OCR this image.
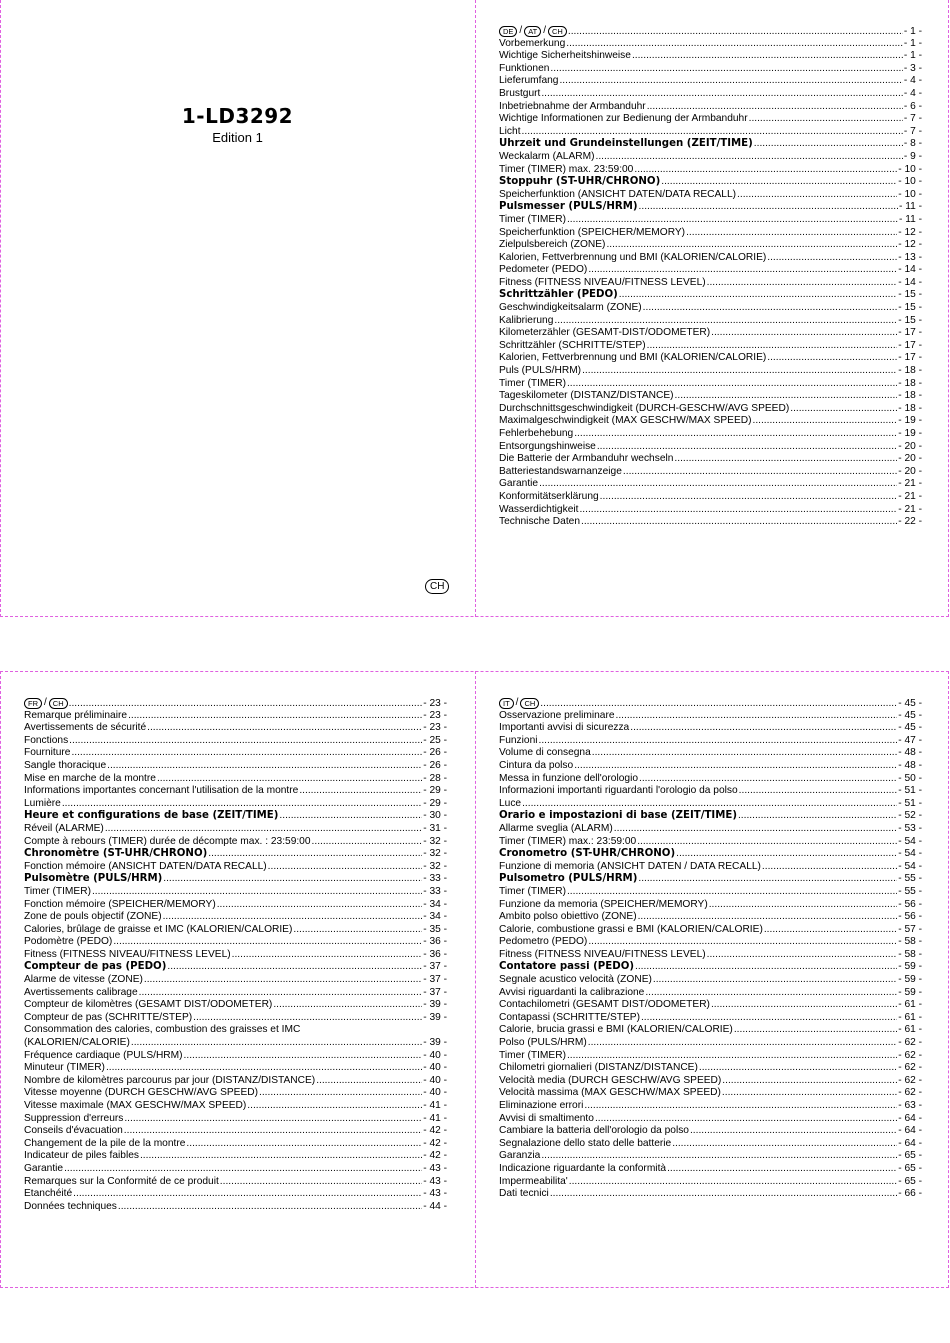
1-LD3292
Edition 1
CH
DE / AT / CH .....	- 1 -
Vorbemerkung .....	- 1 -
Wichtige Sicherheitshinweise .....	- 1 -
Funktionen .....	- 3 -
Lieferumfang .....	- 4 -
Brustgurt .....	- 4 -
Inbetriebnahme der Armbanduhr .....	- 6 -
Wichtige Informationen zur Bedienung der Armbanduhr .....	- 7 -
Licht .....	- 7 -
Uhrzeit und Grundeinstellungen (ZEIT/TIME) .....	- 8 -
Weckalarm (ALARM) .....	- 9 -
Timer (TIMER) max. 23:59:00 .....	- 10 -
Stoppuhr (ST-UHR/CHRONO) .....	- 10 -
Speicherfunktion (ANSICHT DATEN/DATA RECALL) .....	- 10 -
Pulsmesser (PULS/HRM) .....	- 11 -
Timer (TIMER) .....	- 11 -
Speicherfunktion (SPEICHER/MEMORY) .....	- 12 -
Zielpulsbereich (ZONE) .....	- 12 -
Kalorien, Fettverbrennung und BMI (KALORIEN/CALORIE) .....	- 13 -
Pedometer (PEDO) .....	- 14 -
Fitness (FITNESS NIVEAU/FITNESS LEVEL) .....	- 14 -
Schrittzähler (PEDO) .....	- 15 -
Geschwindigkeitsalarm (ZONE) .....	- 15 -
Kalibrierung .....	- 15 -
Kilometerzähler (GESAMT-DIST/ODOMETER) .....	- 17 -
Schrittzähler (SCHRITTE/STEP) .....	- 17 -
Kalorien, Fettverbrennung und BMI (KALORIEN/CALORIE) .....	- 17 -
Puls (PULS/HRM) .....	- 18 -
Timer (TIMER) .....	- 18 -
Tageskilometer (DISTANZ/DISTANCE) .....	- 18 -
Durchschnittsgeschwindigkeit (DURCH-GESCHW/AVG SPEED) .....	- 18 -
Maximalgeschwindigkeit (MAX GESCHW/MAX SPEED) .....	- 19 -
Fehlerbehebung .....	- 19 -
Entsorgungshinweise .....	- 20 -
Die Batterie der Armbanduhr wechseln .....	- 20 -
Batteriestandswarnanzeige .....	- 20 -
Garantie .....	- 21 -
Konformitätserklärung .....	- 21 -
Wasserdichtigkeit .....	- 21 -
Technische Daten .....	- 22 -
FR / CH .....	- 23 -
Remarque préliminaire .....	- 23 -
Avertissements de sécurité .....	- 23 -
Fonctions .....	- 25 -
Fourniture .....	- 26 -
Sangle thoracique .....	- 26 -
Mise en marche de la montre .....	- 28 -
Informations importantes concernant l'utilisation de la montre .....	- 29 -
Lumière .....	- 29 -
Heure et configurations de base (ZEIT/TIME) .....	- 30 -
Réveil (ALARME) .....	- 31 -
Compte à rebours (TIMER) durée de décompte max. : 23:59:00 .....	- 32 -
Chronomètre (ST-UHR/CHRONO) .....	- 32 -
Fonction mémoire (ANSICHT DATEN/DATA RECALL) .....	- 32 -
Pulsomètre (PULS/HRM) .....	- 33 -
Timer (TIMER) .....	- 33 -
Fonction mémoire (SPEICHER/MEMORY) .....	- 34 -
Zone de pouls objectif (ZONE) .....	- 34 -
Calories, brûlage de graisse et IMC (KALORIEN/CALORIE) .....	- 35 -
Podomètre (PEDO) .....	- 36 -
Fitness (FITNESS NIVEAU/FITNESS LEVEL) .....	- 36 -
Compteur de pas (PEDO) .....	- 37 -
Alarme de vitesse (ZONE) .....	- 37 -
Avertissements calibrage .....	- 37 -
Compteur de kilomètres (GESAMT DIST/ODOMETER) .....	- 39 -
Compteur de pas (SCHRITTE/STEP) .....	- 39 -
Consommation des calories, combustion des graisses et IMC
(KALORIEN/CALORIE) .....	- 39 -
Fréquence cardiaque (PULS/HRM) .....	- 40 -
Minuteur (TIMER) .....	- 40 -
Nombre de kilomètres parcourus par jour (DISTANZ/DISTANCE) .....	- 40 -
Vitesse moyenne (DURCH GESCHW/AVG SPEED) .....	- 40 -
Vitesse maximale (MAX GESCHW/MAX SPEED) .....	- 41 -
Suppression d'erreurs .....	- 41 -
Conseils d'évacuation .....	- 42 -
Changement de la pile de la montre .....	- 42 -
Indicateur de piles faibles .....	- 42 -
Garantie .....	- 43 -
Remarques sur la Conformité de ce produit .....	- 43 -
Etanchéité .....	- 43 -
Données techniques .....	- 44 -
IT / CH .....	- 45 -
Osservazione preliminare .....	- 45 -
Importanti avvisi di sicurezza .....	- 45 -
Funzioni .....	- 47 -
Volume di consegna .....	- 48 -
Cintura da polso .....	- 48 -
Messa in funzione dell'orologio .....	- 50 -
Informazioni importanti riguardanti l'orologio da polso .....	- 51 -
Luce .....	- 51 -
Orario e impostazioni di base (ZEIT/TIME) .....	- 52 -
Allarme sveglia (ALARM) .....	- 53 -
Timer (TIMER) max.: 23:59:00 .....	- 54 -
Cronometro (ST-UHR/CHRONO) .....	- 54 -
Funzione di memoria (ANSICHT DATEN / DATA RECALL) .....	- 54 -
Pulsometro (PULS/HRM) .....	- 55 -
Timer (TIMER) .....	- 55 -
Funzione da memoria (SPEICHER/MEMORY) .....	- 56 -
Ambito polso obiettivo (ZONE) .....	- 56 -
Calorie, combustione grassi e BMI (KALORIEN/CALORIE) .....	- 57 -
Pedometro (PEDO) .....	- 58 -
Fitness (FITNESS NIVEAU/FITNESS LEVEL) .....	- 58 -
Contatore passi (PEDO) .....	- 59 -
Segnale acustico velocità (ZONE) .....	- 59 -
Avvisi riguardanti la calibrazione .....	- 59 -
Contachilometri (GESAMT DIST/ODOMETER) .....	- 61 -
Contapassi (SCHRITTE/STEP) .....	- 61 -
Calorie, brucia grassi e BMI (KALORIEN/CALORIE) .....	- 61 -
Polso (PULS/HRM) .....	- 62 -
Timer (TIMER) .....	- 62 -
Chilometri giornalieri (DISTANZ/DISTANCE) .....	- 62 -
Velocità media (DURCH GESCHW/AVG SPEED) .....	- 62 -
Velocità massima (MAX GESCHW/MAX SPEED) .....	- 62 -
Eliminazione errori .....	- 63 -
Avvisi di smaltimento .....	- 64 -
Cambiare la batteria dell'orologio da polso .....	- 64 -
Segnalazione dello stato delle batterie .....	- 64 -
Garanzia .....	- 65 -
Indicazione riguardante la conformità .....	- 65 -
Impermeabilita' .....	- 65 -
Dati tecnici .....	- 66 -
